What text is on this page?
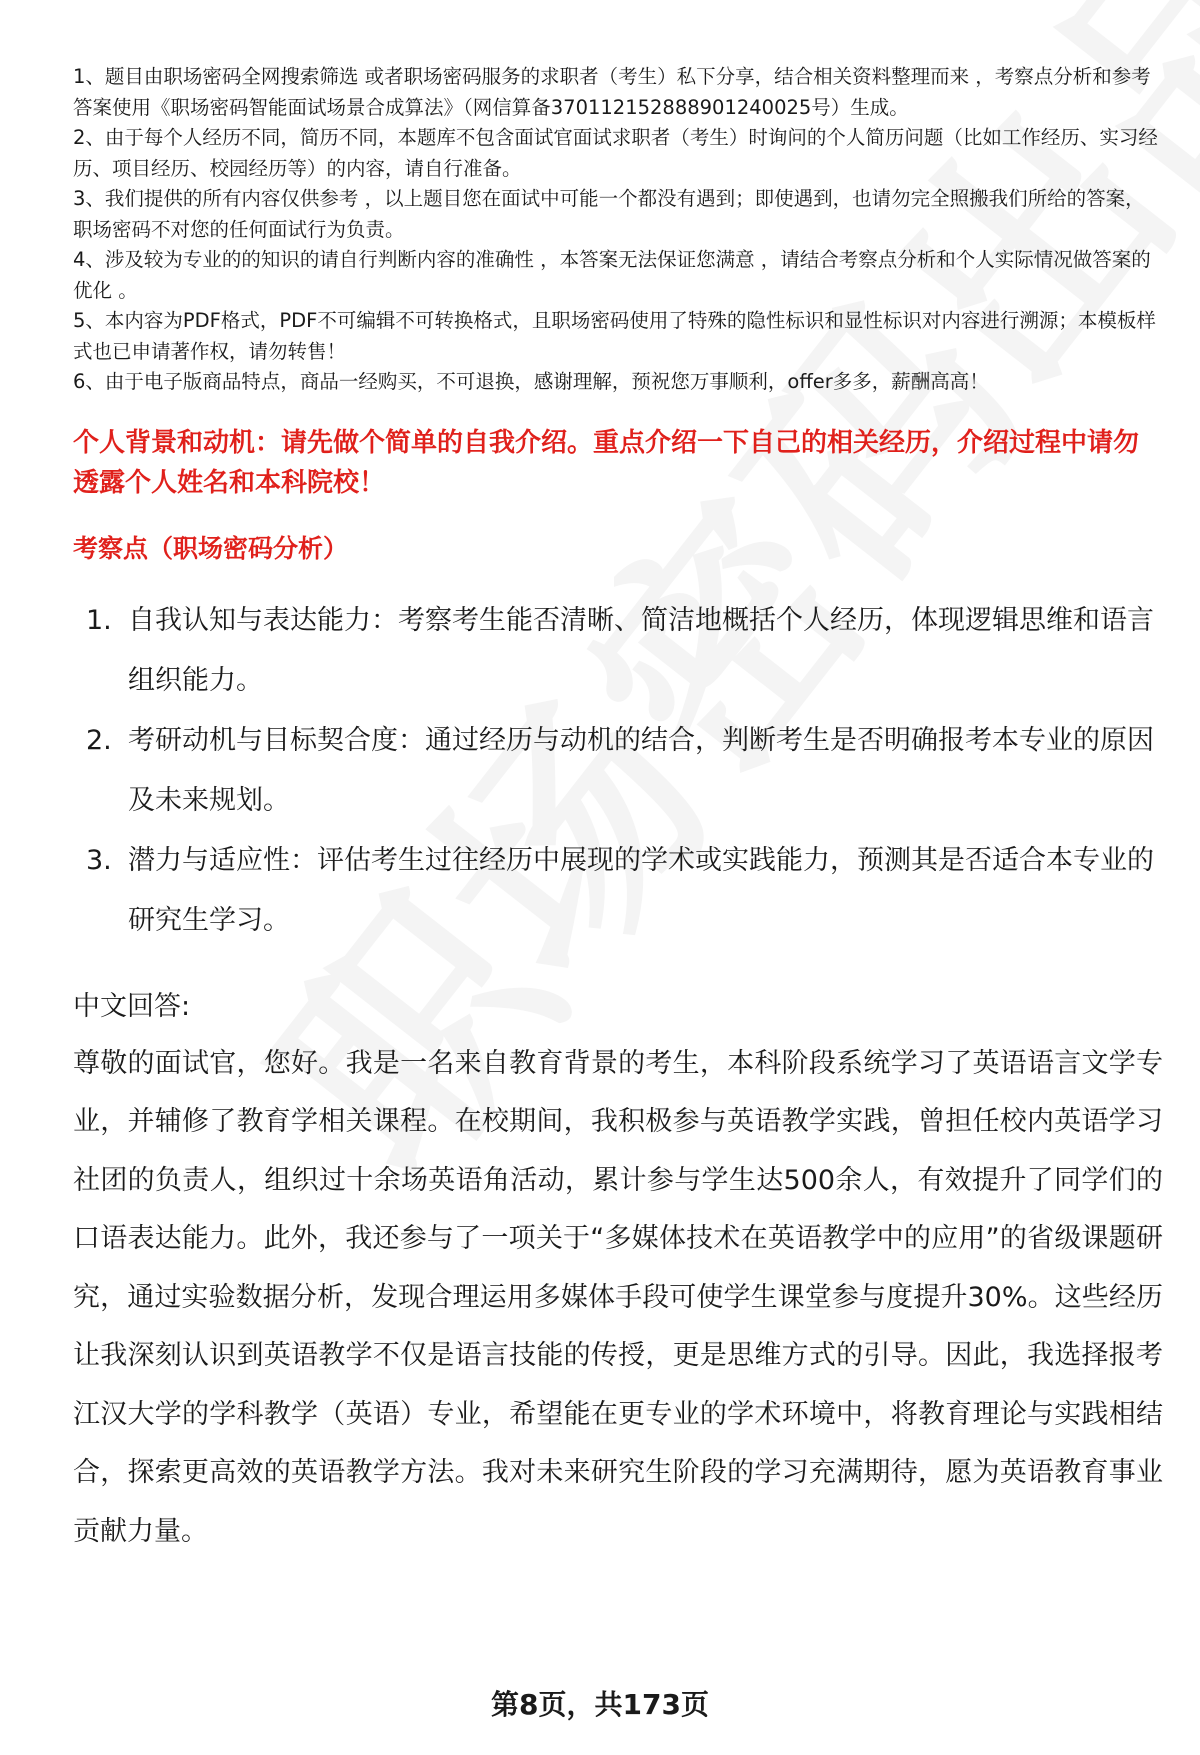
1、题目由职场密码全网搜索筛选 或者职场密码服务的求职者（考生）私下分享，结合相关资料整理而来 ，考察点分析和参考答案使用《职场密码智能面试场景合成算法》（网信算备370112152888901240025号）生成。

2、由于每个人经历不同，简历不同，本题库不包含面试官面试求职者（考生）时询问的个人简历问题（比如工作经历、实习经历、项目经历、校园经历等）的内容，请自行准备。

3、我们提供的所有内容仅供参考 ，以上题目您在面试中可能一个都没有遇到；即使遇到，也请勿完全照搬我们所给的答案，职场密码不对您的任何面试行为负责。

4、涉及较为专业的的知识的请自行判断内容的准确性 ，本答案无法保证您满意 ，请结合考察点分析和个人实际情况做答案的优化 。

5、本内容为PDF格式，PDF不可编辑不可转换格式，且职场密码使用了特殊的隐性标识和显性标识对内容进行溯源；本模板样式也已申请著作权，请勿转售！

6、由于电子版商品特点，商品一经购买，不可退换，感谢理解，预祝您万事顺利，offer多多，薪酬高高！

个人背景和动机：请先做个简单的自我介绍。重点介绍一下自己的相关经历，介绍过程中请勿透露个人姓名和本科院校！
考察点（职场密码分析）
1. 自我认知与表达能力：考察考生能否清晰、简洁地概括个人经历，体现逻辑思维和语言组织能力。
2. 考研动机与目标契合度：通过经历与动机的结合，判断考生是否明确报考本专业的原因及未来规划。
3. 潜力与适应性：评估考生过往经历中展现的学术或实践能力，预测其是否适合本专业的研究生学习。
中文回答:

尊敬的面试官，您好。我是一名来自教育背景的考生，本科阶段系统学习了英语语言文学专业，并辅修了教育学相关课程。在校期间，我积极参与英语教学实践，曾担任校内英语学习社团的负责人，组织过十余场英语角活动，累计参与学生达500余人，有效提升了同学们的口语表达能力。此外，我还参与了一项关于“多媒体技术在英语教学中的应用”的省级课题研究，通过实验数据分析，发现合理运用多媒体手段可使学生课堂参与度提升30%。这些经历让我深刻认识到英语教学不仅是语言技能的传授，更是思维方式的引导。因此，我选择报考江汉大学的学科教学（英语）专业，希望能在更专业的学术环境中，将教育理论与实践相结合，探索更高效的英语教学方法。我对未来研究生阶段的学习充满期待，愿为英语教育事业贡献力量。

第8页，共173页
